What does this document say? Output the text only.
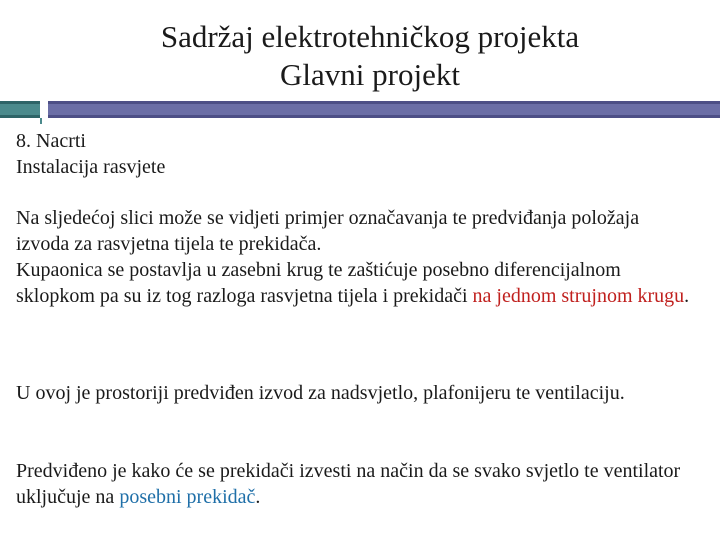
Sadržaj elektrotehničkog projekta
Glavni projekt
8. Nacrti
Instalacija rasvjete

Na sljedećoj slici može se vidjeti primjer označavanja te predviđanja položaja izvoda za rasvjetna tijela te prekidača.

Kupaonica se postavlja u zasebni krug te zaštićuje posebno diferencijalnom sklopkom pa su iz tog razloga rasvjetna tijela i prekidači na jednom strujnom krugu.

U ovoj je prostoriji predviđen izvod za nadsvjetlo, plafonijeru te ventilaciju.

Predviđeno je kako će se prekidači izvesti na način da se svako svjetlo te ventilator uključuje na posebni prekidač.
